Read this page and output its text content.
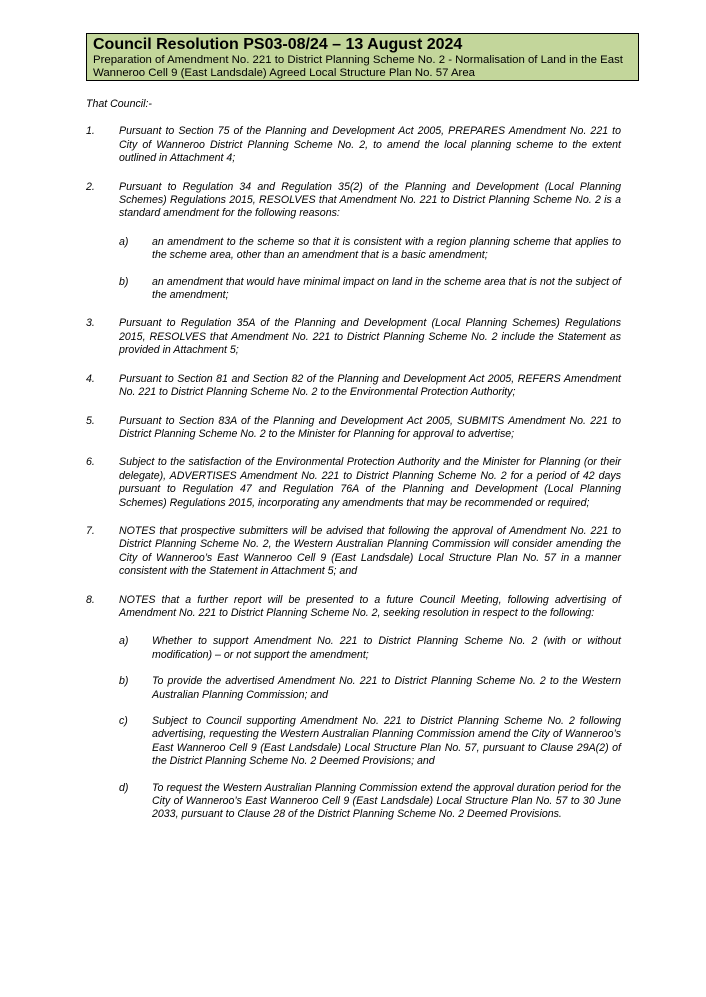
Council Resolution PS03-08/24 – 13 August 2024
Preparation of Amendment No. 221 to District Planning Scheme No. 2 - Normalisation of Land in the East Wanneroo Cell 9 (East Landsdale) Agreed Local Structure Plan No. 57 Area
That Council:-
1. Pursuant to Section 75 of the Planning and Development Act 2005, PREPARES Amendment No. 221 to City of Wanneroo District Planning Scheme No. 2, to amend the local planning scheme to the extent outlined in Attachment 4;
2. Pursuant to Regulation 34 and Regulation 35(2) of the Planning and Development (Local Planning Schemes) Regulations 2015, RESOLVES that Amendment No. 221 to District Planning Scheme No. 2 is a standard amendment for the following reasons:
a) an amendment to the scheme so that it is consistent with a region planning scheme that applies to the scheme area, other than an amendment that is a basic amendment;
b) an amendment that would have minimal impact on land in the scheme area that is not the subject of the amendment;
3. Pursuant to Regulation 35A of the Planning and Development (Local Planning Schemes) Regulations 2015, RESOLVES that Amendment No. 221 to District Planning Scheme No. 2 include the Statement as provided in Attachment 5;
4. Pursuant to Section 81 and Section 82 of the Planning and Development Act 2005, REFERS Amendment No. 221 to District Planning Scheme No. 2 to the Environmental Protection Authority;
5. Pursuant to Section 83A of the Planning and Development Act 2005, SUBMITS Amendment No. 221 to District Planning Scheme No. 2 to the Minister for Planning for approval to advertise;
6. Subject to the satisfaction of the Environmental Protection Authority and the Minister for Planning (or their delegate), ADVERTISES Amendment No. 221 to District Planning Scheme No. 2 for a period of 42 days pursuant to Regulation 47 and Regulation 76A of the Planning and Development (Local Planning Schemes) Regulations 2015, incorporating any amendments that may be recommended or required;
7. NOTES that prospective submitters will be advised that following the approval of Amendment No. 221 to District Planning Scheme No. 2, the Western Australian Planning Commission will consider amending the City of Wanneroo’s East Wanneroo Cell 9 (East Landsdale) Local Structure Plan No. 57 in a manner consistent with the Statement in Attachment 5; and
8. NOTES that a further report will be presented to a future Council Meeting, following advertising of Amendment No. 221 to District Planning Scheme No. 2, seeking resolution in respect to the following:
a) Whether to support Amendment No. 221 to District Planning Scheme No. 2 (with or without modification) – or not support the amendment;
b) To provide the advertised Amendment No. 221 to District Planning Scheme No. 2 to the Western Australian Planning Commission; and
c) Subject to Council supporting Amendment No. 221 to District Planning Scheme No. 2 following advertising, requesting the Western Australian Planning Commission amend the City of Wanneroo’s East Wanneroo Cell 9 (East Landsdale) Local Structure Plan No. 57, pursuant to Clause 29A(2) of the District Planning Scheme No. 2 Deemed Provisions; and
d) To request the Western Australian Planning Commission extend the approval duration period for the City of Wanneroo’s East Wanneroo Cell 9 (East Landsdale) Local Structure Plan No. 57 to 30 June 2033, pursuant to Clause 28 of the District Planning Scheme No. 2 Deemed Provisions.
